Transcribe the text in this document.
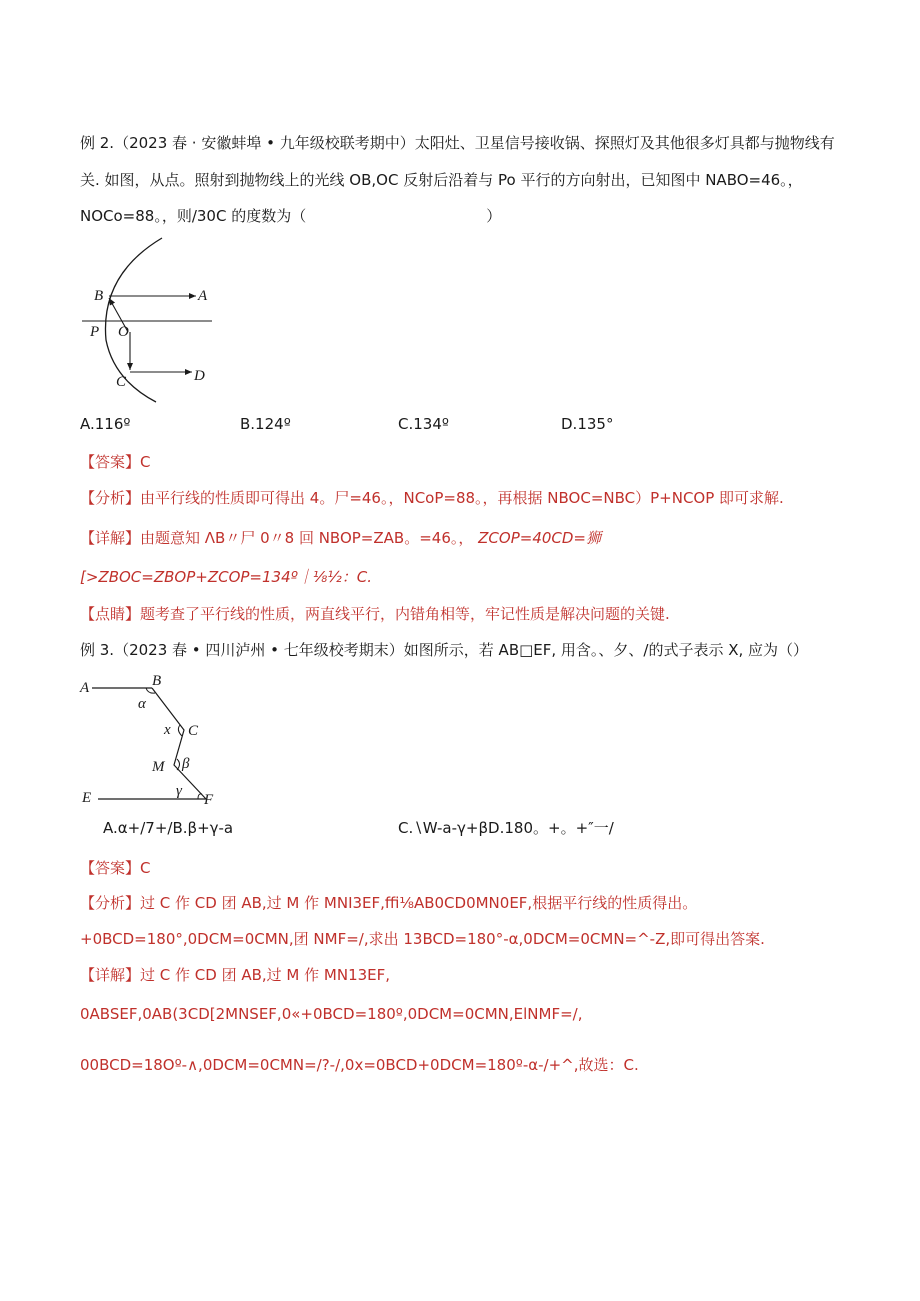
例 2.（2023 春 · 安徽蚌埠 • 九年级校联考期中）太阳灶、卫星信号接收锅、探照灯及其他很多灯具都与抛物线有
关. 如图，从点。照射到抛物线上的光线 OB,OC 反射后沿着与 Po 平行的方向射出，已知图中 NABO=46。，
NOCo=88。，则/30C 的度数为（	）
B	A
P O
C	D
A.116º	B.124º	C.134º	D.135°
【答案】C
【分析】由平行线的性质即可得出 4。尸=46。，NCoP=88。，再根据 NBOC=NBC）P+NCOP 即可求解.
【详解】由题意知 ΛB〃尸 0〃8 回 NBOP=ZAB。=46。， ZCOP=40CD=狮
[>ZBOC=ZBOP+ZCOP=134º｜⅛½：C.
【点睛】题考查了平行线的性质，两直线平行，内错角相等，牢记性质是解决问题的关键.
例 3.（2023 春 • 四川泸州 • 七年级校考期末）如图所示，若 AB□EF, 用含。、夕、/的式子表示 X, 应为（）
A	B
α
x C
M β
E	γ
F
A.α+/7+/B.β+γ-a	C.∖W-a-γ+βD.180。+。+″一/
【答案】C
【分析】过 C 作 CD 团 AB,过 M 作 MNI3EF,ffi⅛AB0CD0MN0EF,根据平行线的性质得出。
+0BCD=180°,0DCM=0CMN,团 NMF=/,求出 13BCD=180°-α,0DCM=0CMN=^-Z,即可得出答案.
【详解】过 C 作 CD 团 AB,过 M 作 MN13EF,
0ABSEF,0AB(3CD[2MNSEF,0«+0BCD=180º,0DCM=0CMN,ElNMF=/,
00BCD=18Oº-∧,0DCM=0CMN=/?-/,0x=0BCD+0DCM=180º-α-/+^,故选：C.
